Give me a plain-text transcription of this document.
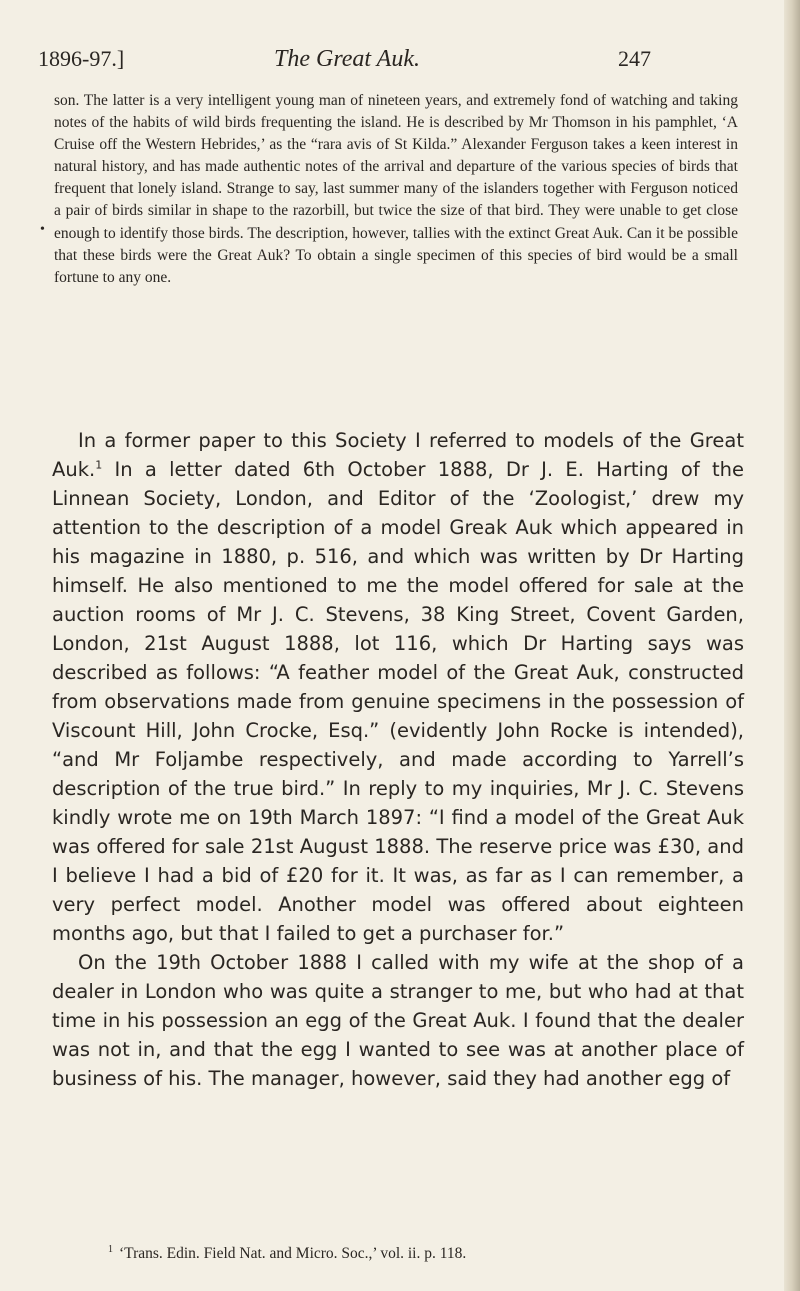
1896-97.]	The Great Auk.	247
•

son. The latter is a very intelligent young man of nineteen years, and extremely fond of watching and taking notes of the habits of wild birds frequenting the island. He is described by Mr Thomson in his pamphlet, ‘A Cruise off the Western Hebrides,’ as the “rara avis of St Kilda.” Alexander Ferguson takes a keen interest in natural history, and has made authentic notes of the arrival and departure of the various species of birds that frequent that lonely island. Strange to say, last summer many of the islanders together with Ferguson noticed a pair of birds similar in shape to the razorbill, but twice the size of that bird. They were unable to get close enough to identify those birds. The description, however, tallies with the extinct Great Auk. Can it be possible that these birds were the Great Auk? To obtain a single specimen of this species of bird would be a small fortune to any one.

In a former paper to this Society I referred to models of the Great Auk.$^1$ In a letter dated 6th October 1888, Dr J. E. Harting of the Linnean Society, London, and Editor of the ‘Zoologist,’ drew my attention to the description of a model Greak Auk which appeared in his magazine in 1880, p. 516, and which was written by Dr Harting himself. He also mentioned to me the model offered for sale at the auction rooms of Mr J. C. Stevens, 38 King Street, Covent Garden, London, 21st August 1888, lot 116, which Dr Harting says was described as follows: “A feather model of the Great Auk, constructed from observations made from genuine specimens in the possession of Viscount Hill, John Crocke, Esq.” (evidently John Rocke is intended), “and Mr Foljambe respectively, and made according to Yarrell’s description of the true bird.” In reply to my inquiries, Mr J. C. Stevens kindly wrote me on 19th March 1897: “I find a model of the Great Auk was offered for sale 21st August 1888. The reserve price was £30, and I believe I had a bid of £20 for it. It was, as far as I can remember, a very perfect model. Another model was offered about eighteen months ago, but that I failed to get a purchaser for.”

On the 19th October 1888 I called with my wife at the shop of a dealer in London who was quite a stranger to me, but who had at that time in his possession an egg of the Great Auk. I found that the dealer was not in, and that the egg I wanted to see was at another place of business of his. The manager, however, said they had another egg of

$^1$ ‘Trans. Edin. Field Nat. and Micro. Soc.,’ vol. ii. p. 118.
